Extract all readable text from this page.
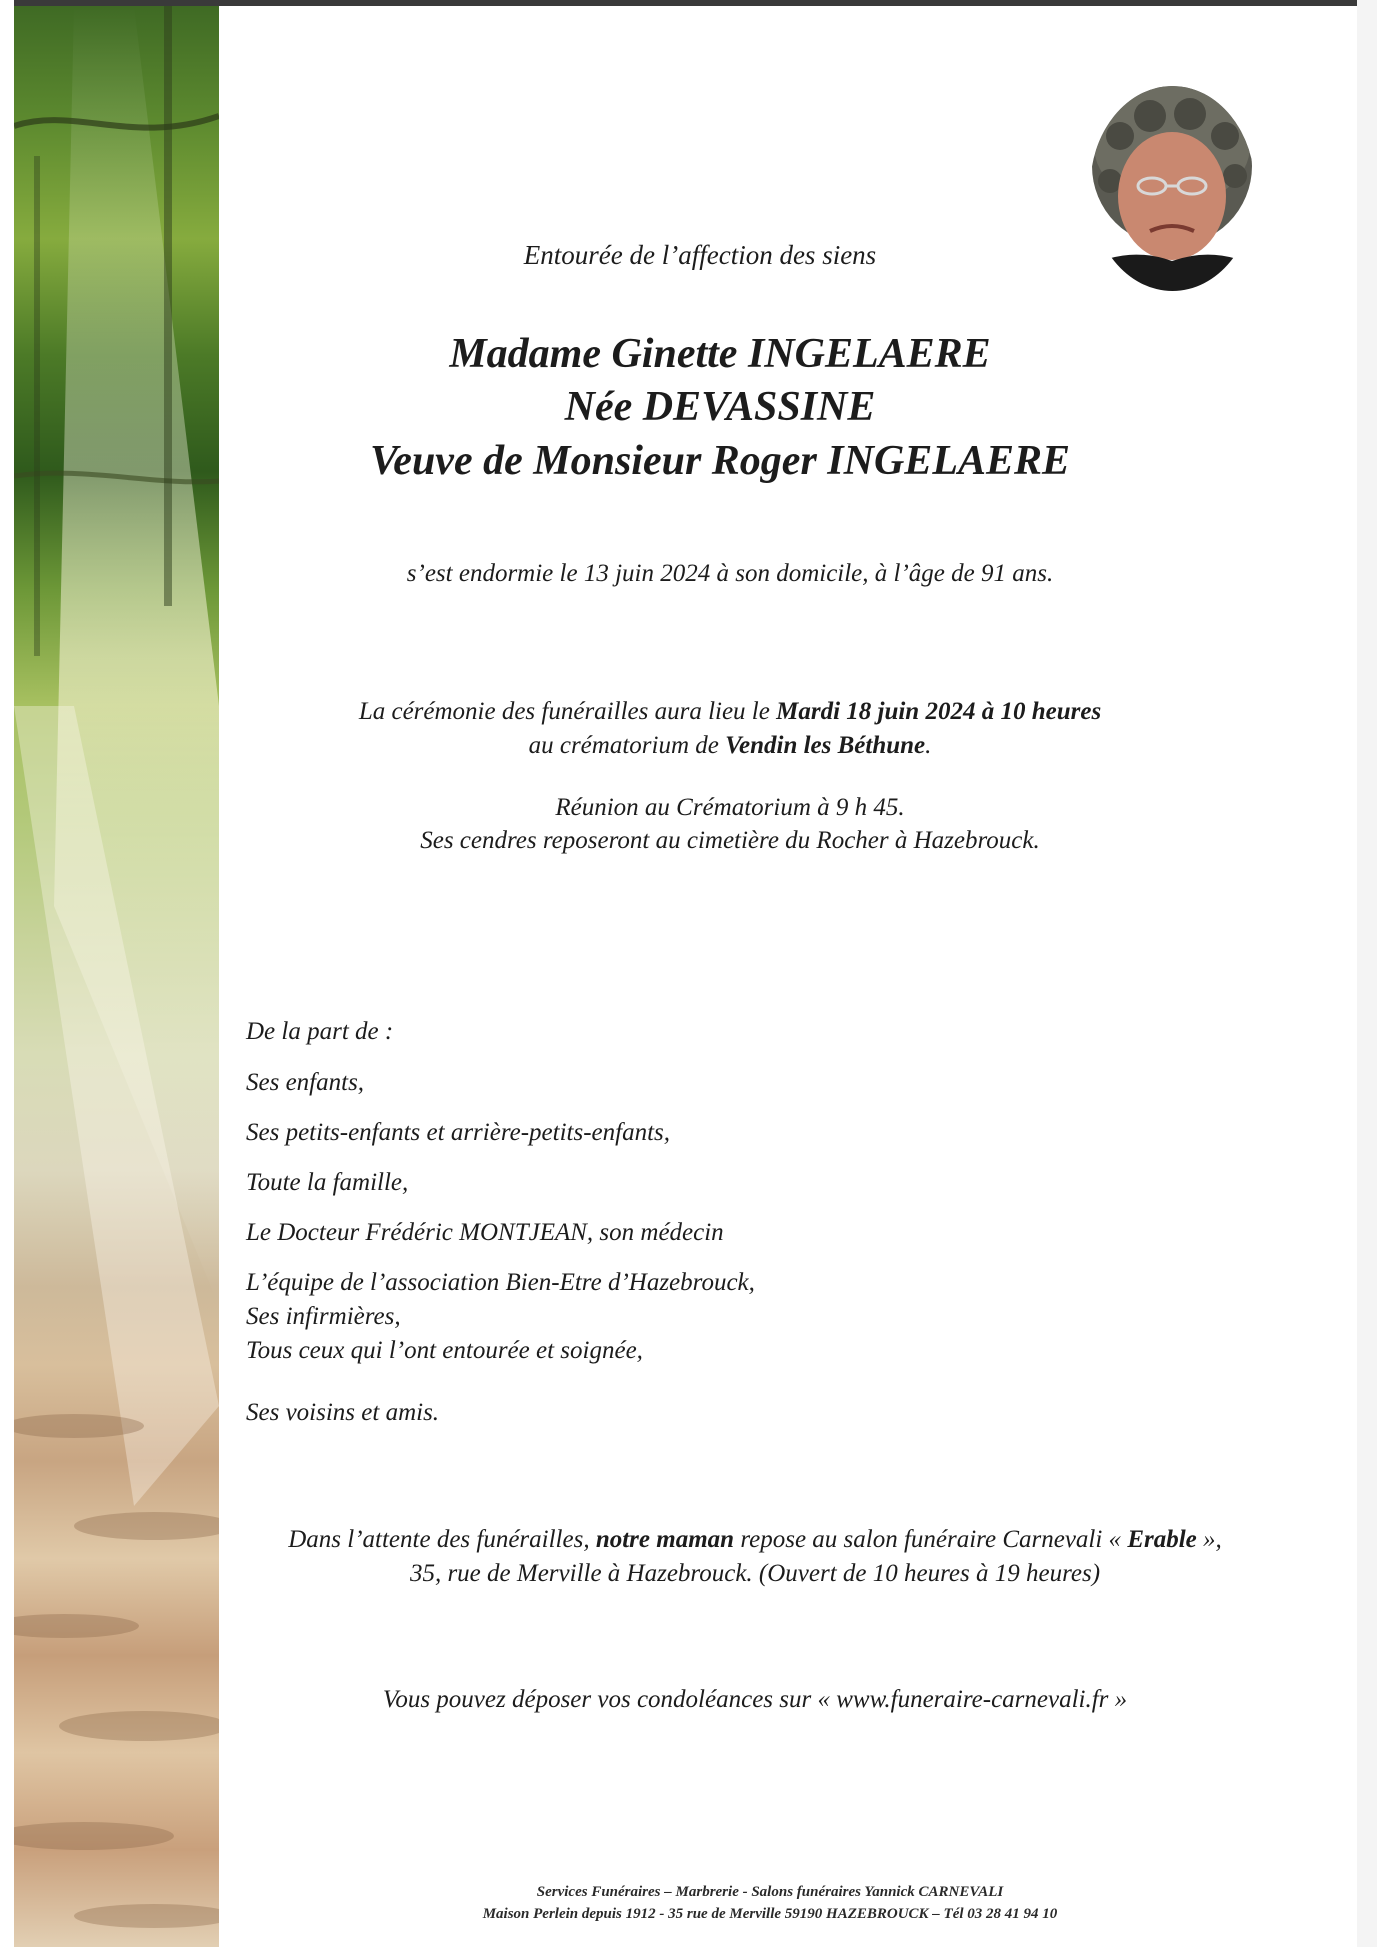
Entourée de l’affection des siens
Madame Ginette INGELAERE
Née DEVASSINE
Veuve de Monsieur Roger INGELAERE
s’est endormie le 13 juin 2024 à son domicile, à l’âge de 91 ans.
La cérémonie des funérailles aura lieu le Mardi 18 juin 2024 à 10 heures
au crématorium de Vendin les Béthune.
Réunion au Crématorium à 9 h 45.
Ses cendres reposeront au cimetière du Rocher à Hazebrouck.
De la part de :
Ses enfants,
Ses petits-enfants et arrière-petits-enfants,
Toute la famille,
Le Docteur Frédéric MONTJEAN, son médecin
L’équipe de l’association Bien-Etre d’Hazebrouck,
Ses infirmières,
Tous ceux qui l’ont entourée et soignée,
Ses voisins et amis.
Dans l’attente des funérailles, notre maman repose au salon funéraire Carnevali « Erable »,
35, rue de Merville à Hazebrouck. (Ouvert de 10 heures à 19 heures)
Vous pouvez déposer vos condoléances sur « www.funeraire-carnevali.fr »
Services Funéraires – Marbrerie - Salons funéraires Yannick CARNEVALI
Maison Perlein depuis 1912 - 35 rue de Merville 59190 HAZEBROUCK – Tél 03 28 41 94 10
